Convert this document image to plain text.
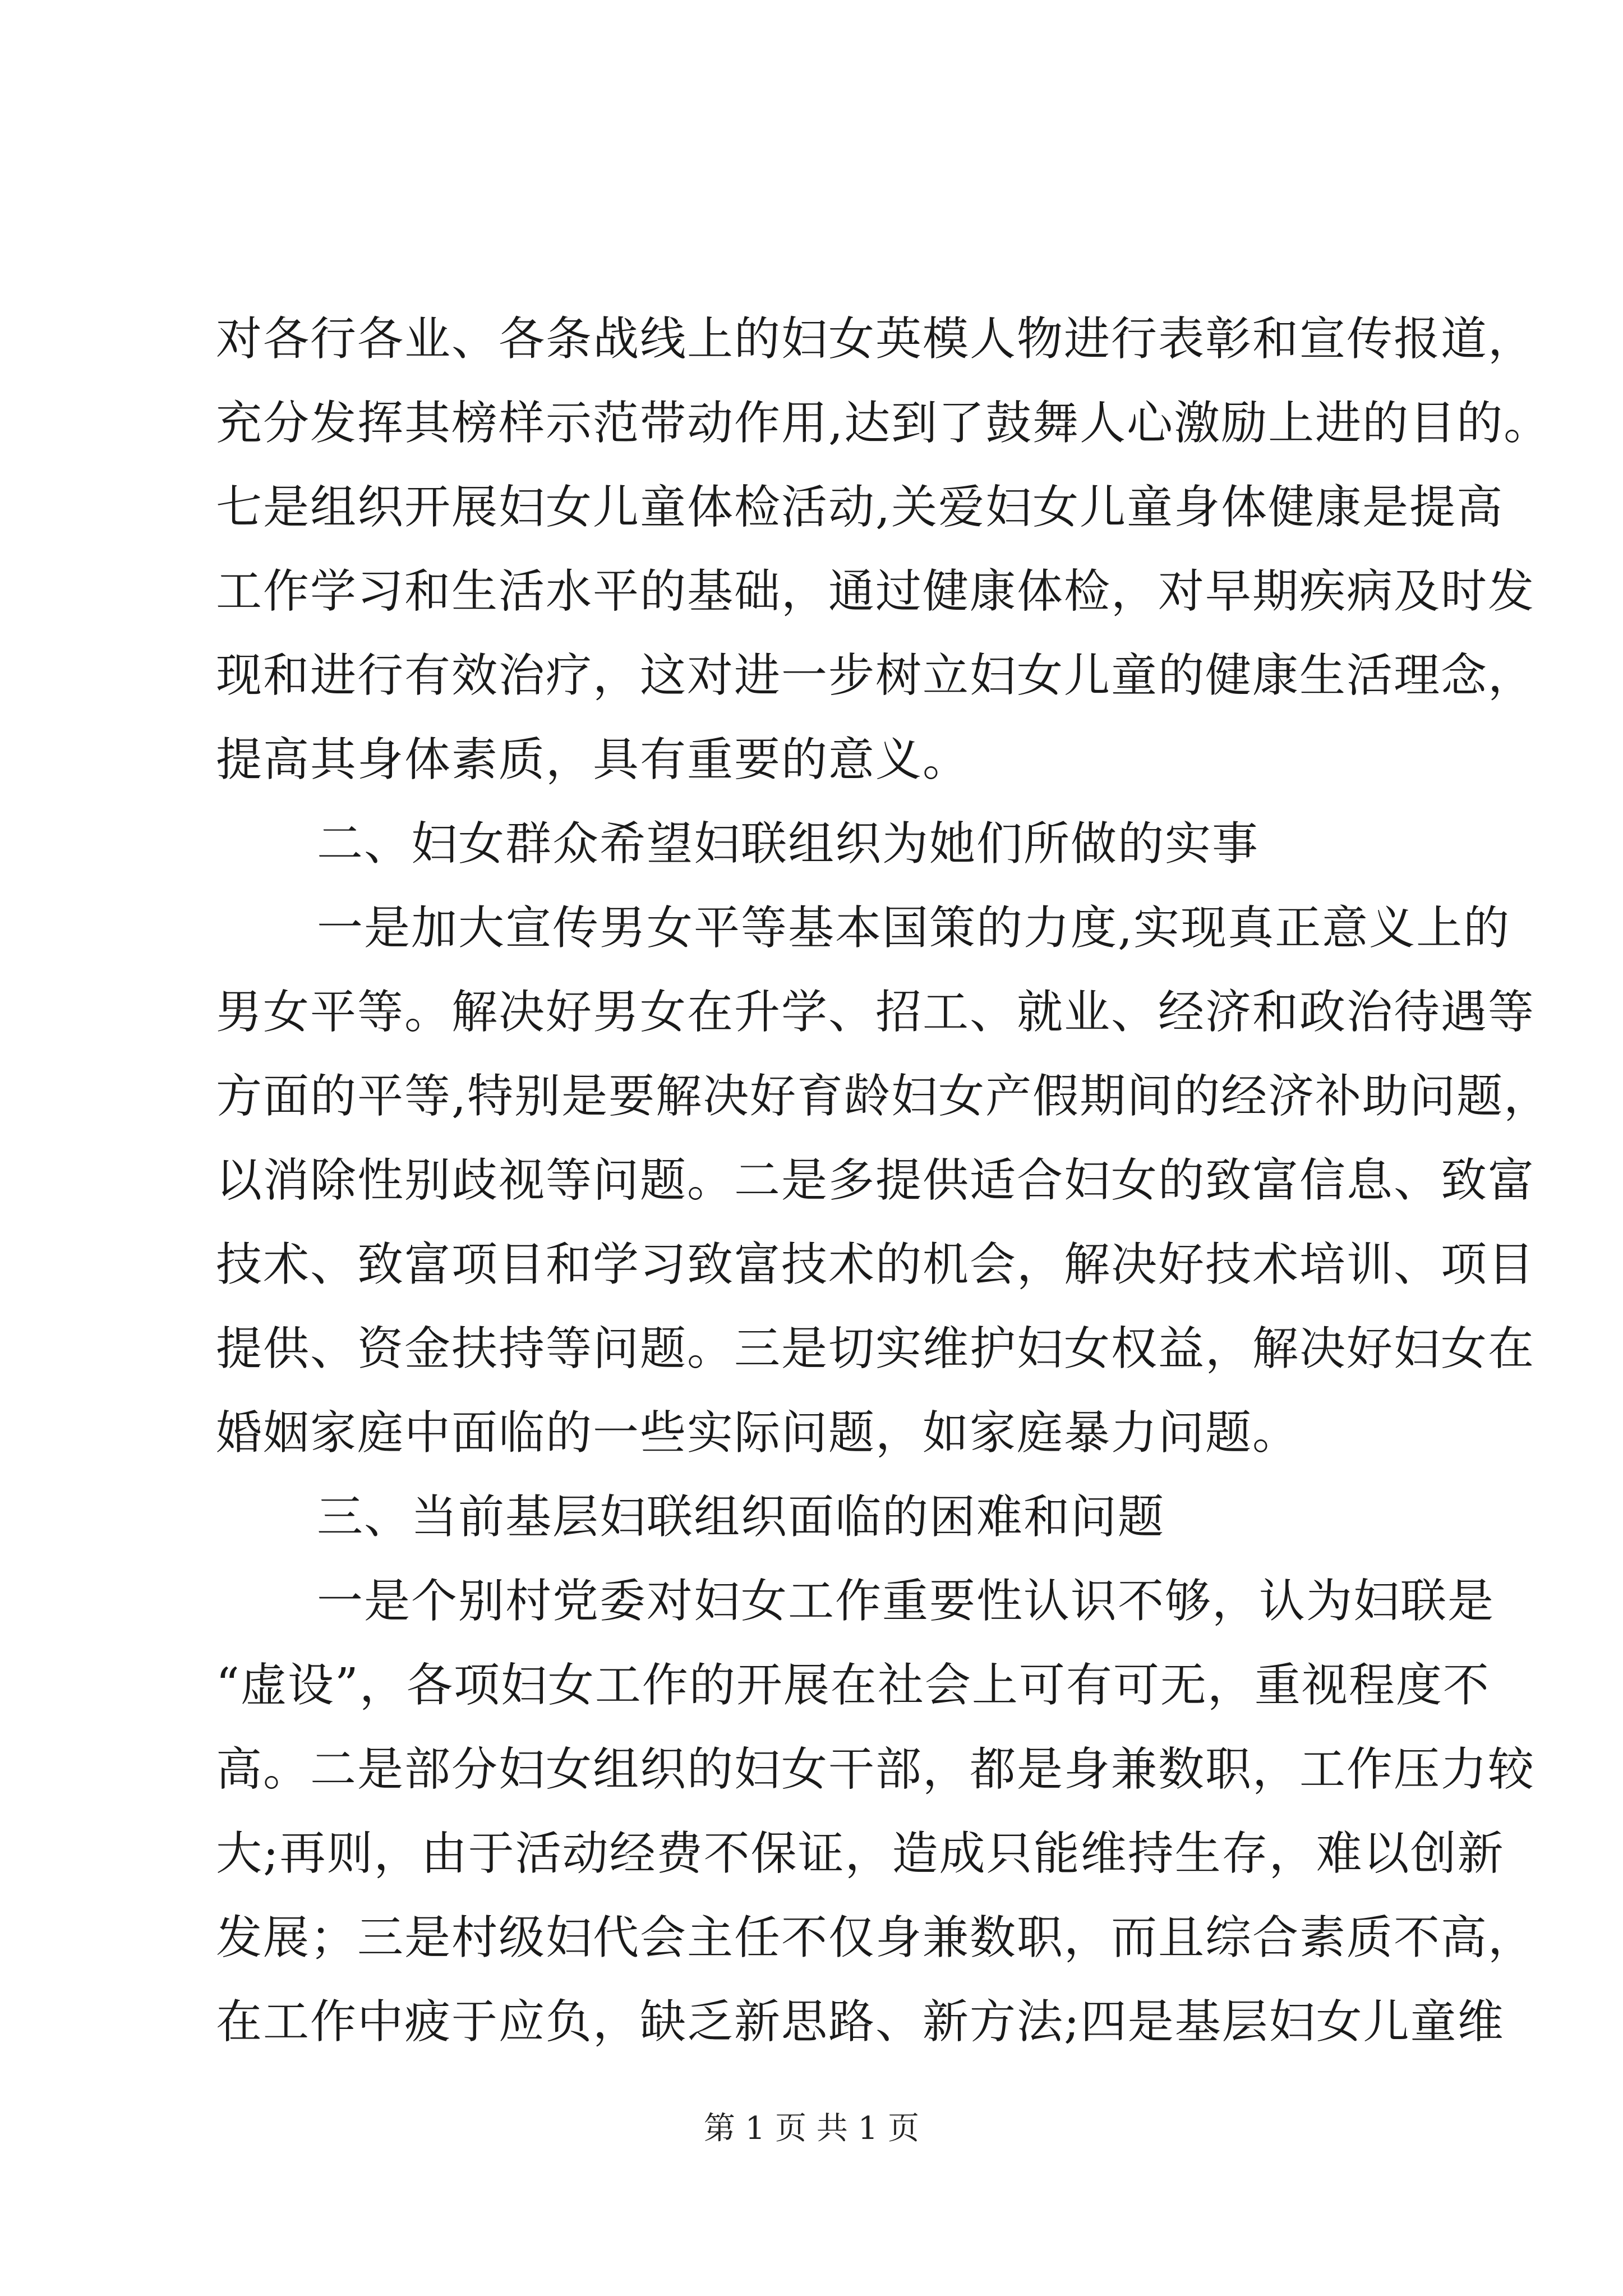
对各行各业、各条战线上的妇女英模人物进行表彰和宣传报道，
充分发挥其榜样示范带动作用,达到了鼓舞人心激励上进的目的。
七是组织开展妇女儿童体检活动,关爱妇女儿童身体健康是提高
工作学习和生活水平的基础，通过健康体检，对早期疾病及时发
现和进行有效治疗，这对进一步树立妇女儿童的健康生活理念，
提高其身体素质，具有重要的意义。
二、妇女群众希望妇联组织为她们所做的实事
一是加大宣传男女平等基本国策的力度,实现真正意义上的
男女平等。解决好男女在升学、招工、就业、经济和政治待遇等
方面的平等,特别是要解决好育龄妇女产假期间的经济补助问题，
以消除性别歧视等问题。二是多提供适合妇女的致富信息、致富
技术、致富项目和学习致富技术的机会，解决好技术培训、项目
提供、资金扶持等问题。三是切实维护妇女权益，解决好妇女在
婚姻家庭中面临的一些实际问题，如家庭暴力问题。
三、当前基层妇联组织面临的困难和问题
一是个别村党委对妇女工作重要性认识不够，认为妇联是
“虚设”，各项妇女工作的开展在社会上可有可无，重视程度不
高。二是部分妇女组织的妇女干部，都是身兼数职，工作压力较
大;再则，由于活动经费不保证，造成只能维持生存，难以创新
发展；三是村级妇代会主任不仅身兼数职，而且综合素质不高，
在工作中疲于应负，缺乏新思路、新方法;四是基层妇女儿童维
第 1 页 共 1 页
